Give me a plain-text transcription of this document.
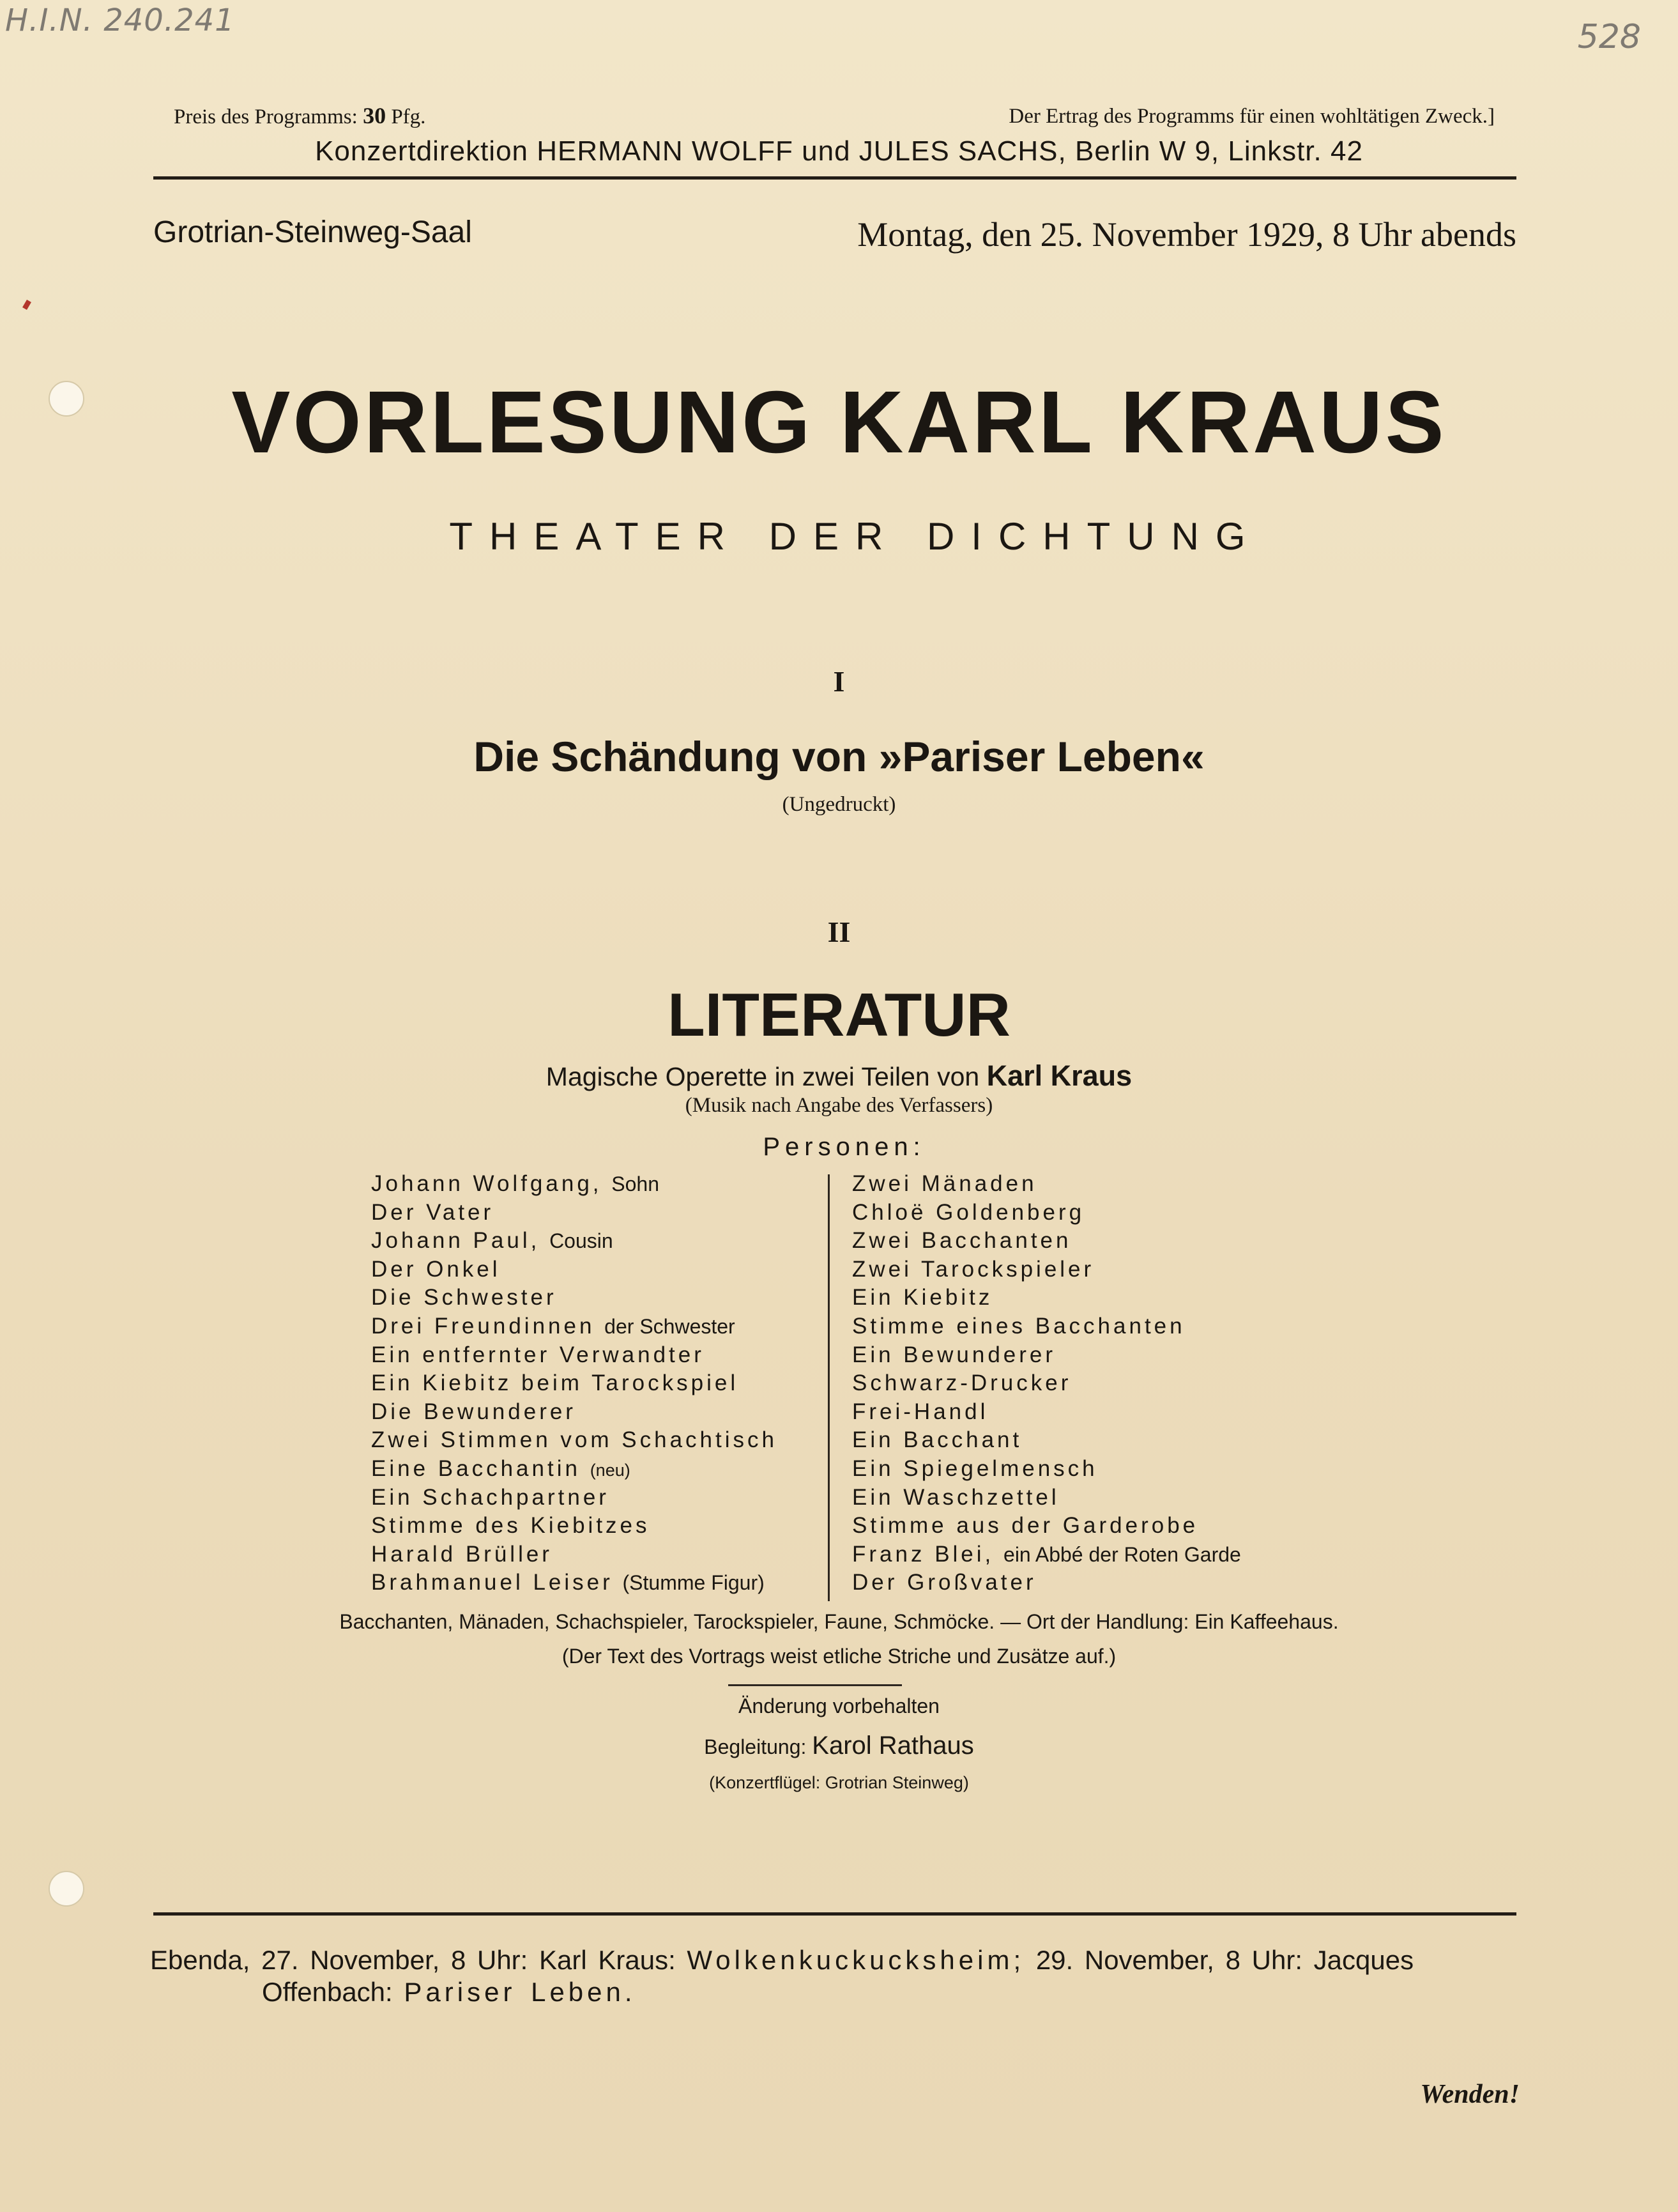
H.I.N. 240.241	528
Preis des Programms: 30 Pfg.	Der Ertrag des Programms für einen wohltätigen Zweck.]
Konzertdirektion HERMANN WOLFF und JULES SACHS, Berlin W 9, Linkstr. 42
Grotrian-Steinweg-Saal	Montag, den 25. November 1929, 8 Uhr abends
VORLESUNG KARL KRAUS
THEATER DER DICHTUNG
I
Die Schändung von »Pariser Leben«
(Ungedruckt)
II
LITERATUR
Magische Operette in zwei Teilen von Karl Kraus
(Musik nach Angabe des Verfassers)
Personen:
Johann Wolfgang, Sohn
Der Vater
Johann Paul, Cousin
Der Onkel
Die Schwester
Drei Freundinnen der Schwester
Ein entfernter Verwandter
Ein Kiebitz beim Tarockspiel
Die Bewunderer
Zwei Stimmen vom Schachtisch
Eine Bacchantin (neu)
Ein Schachpartner
Stimme des Kiebitzes
Harald Brüller
Brahmanuel Leiser (Stumme Figur)
Zwei Mänaden
Chloë Goldenberg
Zwei Bacchanten
Zwei Tarockspieler
Ein Kiebitz
Stimme eines Bacchanten
Ein Bewunderer
Schwarz-Drucker
Frei-Handl
Ein Bacchant
Ein Spiegelmensch
Ein Waschzettel
Stimme aus der Garderobe
Franz Blei, ein Abbé der Roten Garde
Der Großvater
Bacchanten, Mänaden, Schachspieler, Tarockspieler, Faune, Schmöcke. — Ort der Handlung: Ein Kaffeehaus.
(Der Text des Vortrags weist etliche Striche und Zusätze auf.)
Änderung vorbehalten
Begleitung: Karol Rathaus
(Konzertflügel: Grotrian Steinweg)
Ebenda, 27. November, 8 Uhr: Karl Kraus: Wolkenkuckucksheim; 29. November, 8 Uhr: Jacques
Offenbach: Pariser Leben.
Wenden!
